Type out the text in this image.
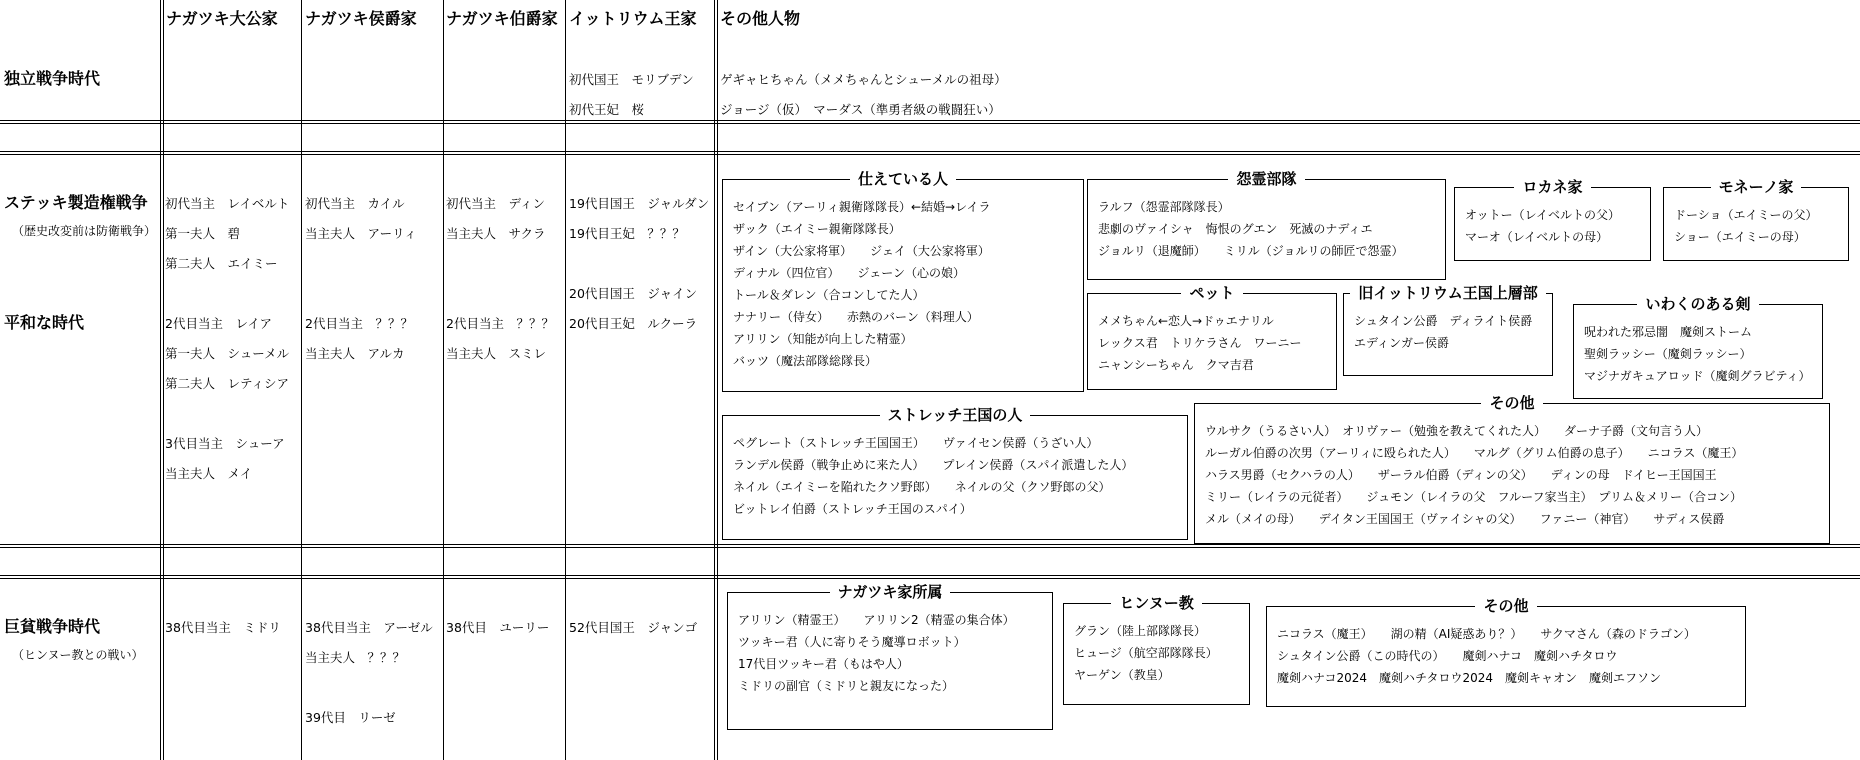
ナガツキ大公家 ナガツキ侯爵家 ナガツキ伯爵家 イットリウム王家 その他人物
独立戦争時代
ステッキ製造権戦争
（歴史改変前は防衛戦争）
平和な時代
巨貧戦争時代
（ヒンヌー教との戦い）
初代国王　モリブデン
初代王妃　桜
ゲギャヒちゃん（メメちゃんとシューメルの祖母）
ジョージ（仮）　マーダス（準勇者級の戦闘狂い）
初代当主　レイベルト
第一夫人　碧
第二夫人　エイミー
初代当主　カイル
当主夫人　アーリィ
初代当主　ディン
当主夫人　サクラ
19代目国王　ジャルダン
19代目王妃　？？？
2代目当主　レイア
第一夫人　シューメル
第二夫人　レティシア
3代目当主　シューア
当主夫人　メイ
2代目当主　？？？
当主夫人　アルカ
2代目当主　？？？
当主夫人　スミレ
20代目国王　ジャイン
20代目王妃　ルクーラ
38代目当主　ミドリ 38代目当主　アーゼル
当主夫人　？？？
39代目　リーゼ
38代目　ユーリー 52代目国王　ジャンゴ
仕えている人
セイブン（アーリィ親衛隊隊長）←結婚→レイラ
ザック（エイミー親衛隊隊長）
ザイン（大公家将軍）　　ジェイ（大公家将軍）
ディナル（四位官）　　ジェーン（心の娘）
トール＆ダレン（合コンしてた人）
ナナリー（侍女）　　赤熱のバーン（料理人）
アリリン（知能が向上した精霊）
バッツ（魔法部隊総隊長）
怨霊部隊
ラルフ（怨霊部隊隊長）
悲劇のヴァイシャ　悔恨のグエン　死滅のナディエ
ジョルリ（退魔師）　　ミリル（ジョルリの師匠で怨霊）
ロカネ家
オットー（レイベルトの父）
マーオ（レイベルトの母）
モネーノ家
ドーショ（エイミーの父）
ショー（エイミーの母）
ペット
メメちゃん←恋人→ドゥエナリル
レックス君　トリケラさん　ワーニー
ニャンシーちゃん　クマ吉君
旧イットリウム王国上層部
シュタイン公爵　ディライト侯爵
エディンガー侯爵
いわくのある剣
呪われた邪忌闇　魔剣ストーム
聖剣ラッシー（魔剣ラッシー）
マジナガキュアロッド（魔剣グラビティ）
ストレッチ王国の人
ペグレート（ストレッチ王国国王）　　ヴァイセン侯爵（うざい人）
ランデル侯爵（戦争止めに来た人）　　プレイン侯爵（スパイ派遣した人）
ネイル（エイミーを陥れたクソ野郎）　　ネイルの父（クソ野郎の父）
ビットレイ伯爵（ストレッチ王国のスパイ）
その他
ウルサク（うるさい人）　オリヴァー（勉強を教えてくれた人）　　ダーナ子爵（文句言う人）
ルーガル伯爵の次男（アーリィに殴られた人）　　マルグ（グリム伯爵の息子）　　ニコラス（魔王）
ハラス男爵（セクハラの人）　　ザーラル伯爵（ディンの父）　　ディンの母　ドイヒー王国国王
ミリー（レイラの元従者）　　ジュモン（レイラの父　フルーフ家当主）　プリム＆メリー（合コン）
メル（メイの母）　　デイタン王国国王（ヴァイシャの父）　　ファニー（神官）　　サディス侯爵
ナガツキ家所属
アリリン（精霊王）　　アリリン2（精霊の集合体）
ツッキー君（人に寄りそう魔導ロボット）
17代目ツッキー君（もはや人）
ミドリの副官（ミドリと親友になった）
ヒンヌー教
グラン（陸上部隊隊長）
ヒュージ（航空部隊隊長）
ヤーゲン（教皇）
その他
ニコラス（魔王）　　湖の精（AI疑惑あり？）　　サクマさん（森のドラゴン）
シュタイン公爵（この時代の）　　魔剣ハナコ　魔剣ハチタロウ
魔剣ハナコ2024　魔剣ハチタロウ2024　魔剣キャオン　魔剣エフソン
